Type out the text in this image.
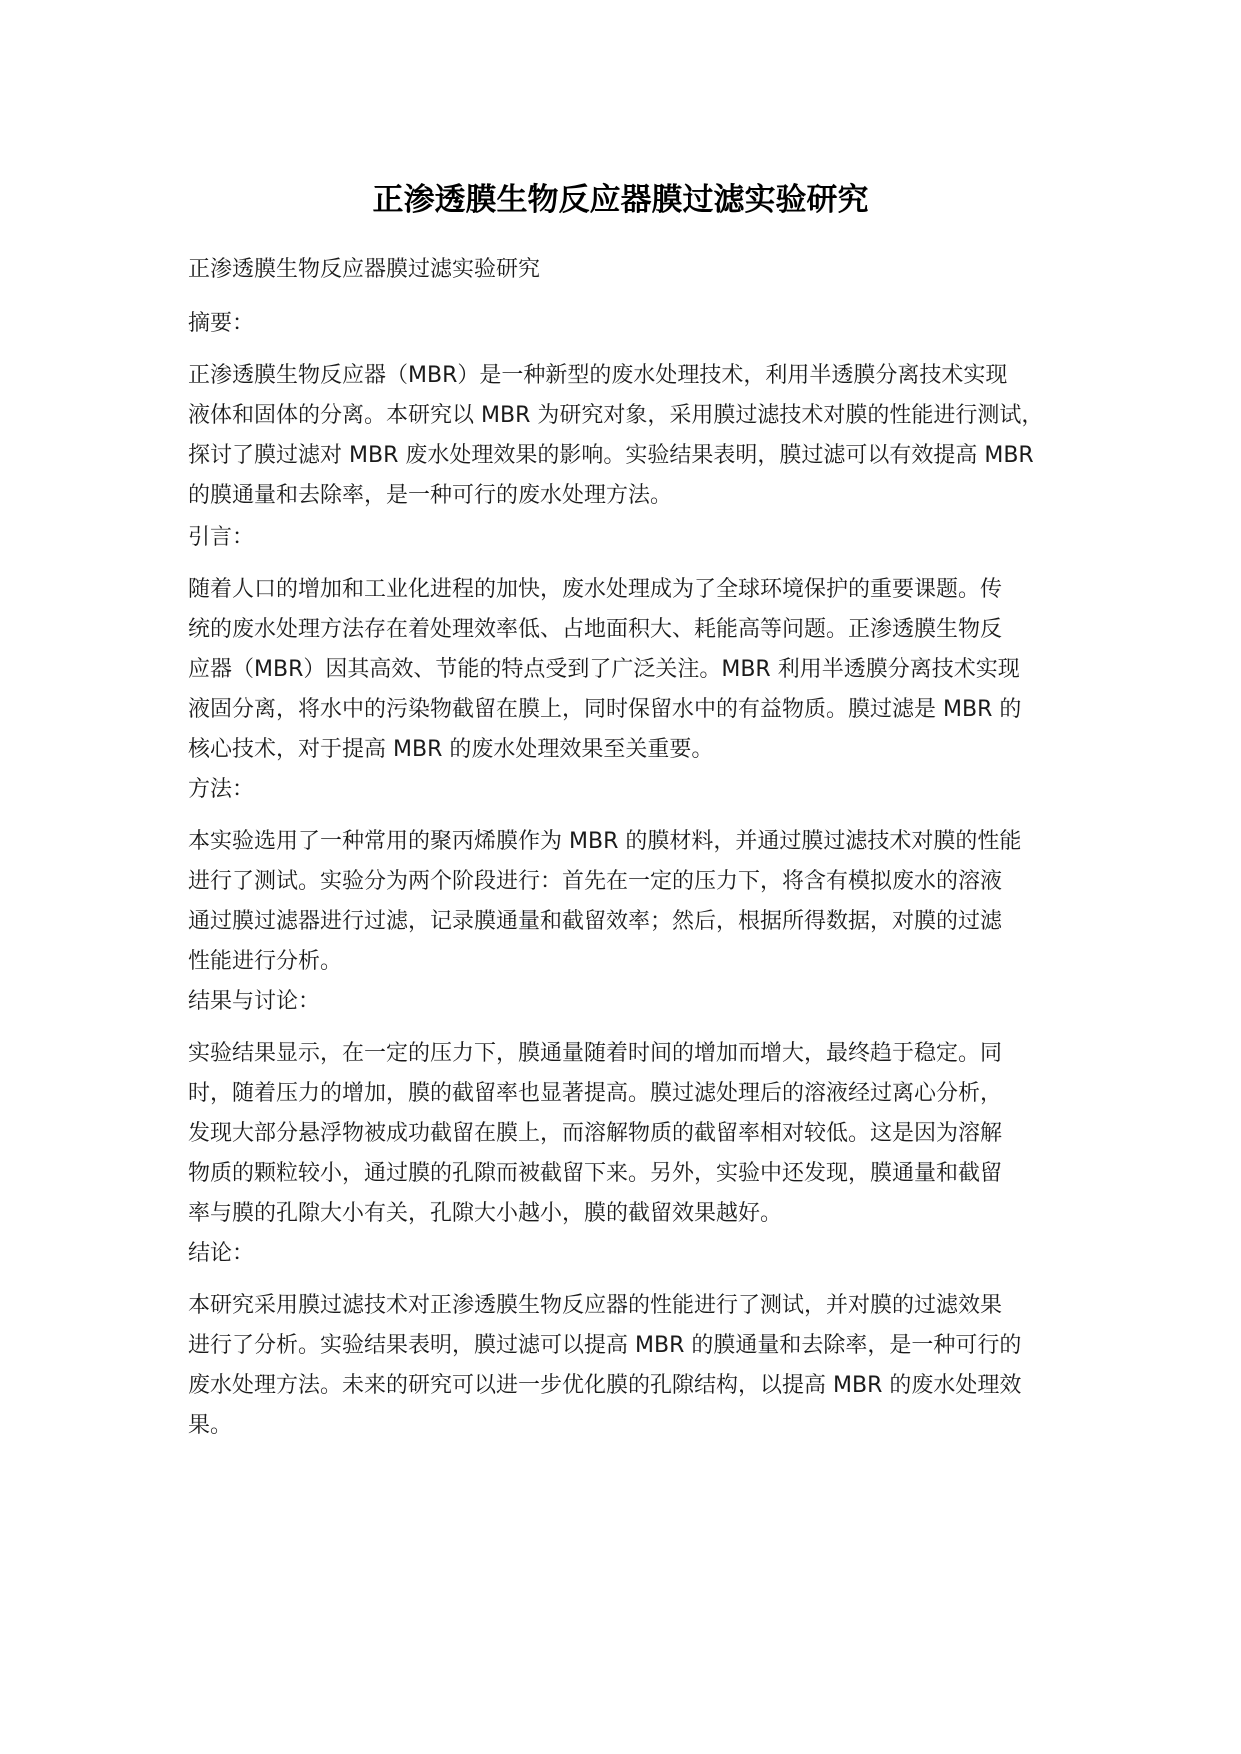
正渗透膜生物反应器膜过滤实验研究

正渗透膜生物反应器膜过滤实验研究

摘要：

正渗透膜生物反应器（MBR）是一种新型的废水处理技术，利用半透膜分离技术实现
液体和固体的分离。本研究以 MBR 为研究对象，采用膜过滤技术对膜的性能进行测试，
探讨了膜过滤对 MBR 废水处理效果的影响。实验结果表明，膜过滤可以有效提高 MBR
的膜通量和去除率，是一种可行的废水处理方法。

引言：

随着人口的增加和工业化进程的加快，废水处理成为了全球环境保护的重要课题。传
统的废水处理方法存在着处理效率低、占地面积大、耗能高等问题。正渗透膜生物反
应器（MBR）因其高效、节能的特点受到了广泛关注。MBR 利用半透膜分离技术实现
液固分离，将水中的污染物截留在膜上，同时保留水中的有益物质。膜过滤是 MBR 的
核心技术，对于提高 MBR 的废水处理效果至关重要。

方法：

本实验选用了一种常用的聚丙烯膜作为 MBR 的膜材料，并通过膜过滤技术对膜的性能
进行了测试。实验分为两个阶段进行：首先在一定的压力下，将含有模拟废水的溶液
通过膜过滤器进行过滤，记录膜通量和截留效率；然后，根据所得数据，对膜的过滤
性能进行分析。

结果与讨论：

实验结果显示，在一定的压力下，膜通量随着时间的增加而增大，最终趋于稳定。同
时，随着压力的增加，膜的截留率也显著提高。膜过滤处理后的溶液经过离心分析，
发现大部分悬浮物被成功截留在膜上，而溶解物质的截留率相对较低。这是因为溶解
物质的颗粒较小，通过膜的孔隙而被截留下来。另外，实验中还发现，膜通量和截留
率与膜的孔隙大小有关，孔隙大小越小，膜的截留效果越好。

结论：

本研究采用膜过滤技术对正渗透膜生物反应器的性能进行了测试，并对膜的过滤效果
进行了分析。实验结果表明，膜过滤可以提高 MBR 的膜通量和去除率，是一种可行的
废水处理方法。未来的研究可以进一步优化膜的孔隙结构，以提高 MBR 的废水处理效
果。
